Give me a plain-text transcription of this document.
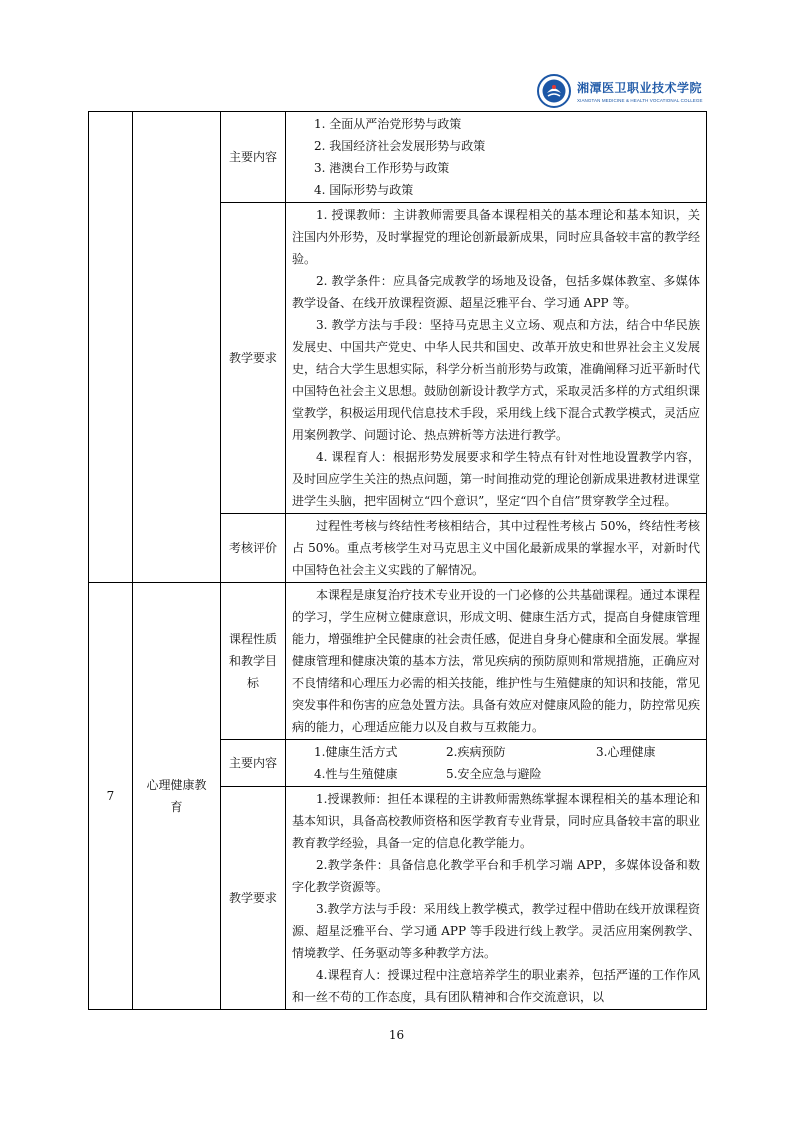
湘潭医卫职业技术学院
XIANGTAN MEDICINE & HEALTH VOCATIONAL COLLEGE

		主要内容	1. 全面从严治党形势与政策

2. 我国经济社会发展形势与政策

3. 港澳台工作形势与政策

4. 国际形势与政策

		教学要求	1. 授课教师：主讲教师需要具备本课程相关的基本理论和基本知识，关注国内外形势，及时掌握党的理论创新最新成果，同时应具备较丰富的教学经验。

2. 教学条件：应具备完成教学的场地及设备，包括多媒体教室、多媒体教学设备、在线开放课程资源、超星泛雅平台、学习通 APP 等。

3. 教学方法与手段：坚持马克思主义立场、观点和方法，结合中华民族发展史、中国共产党史、中华人民共和国史、改革开放史和世界社会主义发展史，结合大学生思想实际，科学分析当前形势与政策，准确阐释习近平新时代中国特色社会主义思想。鼓励创新设计教学方式，采取灵活多样的方式组织课堂教学，积极运用现代信息技术手段，采用线上线下混合式教学模式，灵活应用案例教学、问题讨论、热点辨析等方法进行教学。

4. 课程育人：根据形势发展要求和学生特点有针对性地设置教学内容，及时回应学生关注的热点问题，第一时间推动党的理论创新成果进教材进课堂进学生头脑，把牢固树立“四个意识”，坚定“四个自信”贯穿教学全过程。

		考核评价	过程性考核与终结性考核相结合，其中过程性考核占 50%，终结性考核占 50%。重点考核学生对马克思主义中国化最新成果的掌握水平，对新时代中国特色社会主义实践的了解情况。

7	心理健康教育	课程性质和教学目标	本课程是康复治疗技术专业开设的一门必修的公共基础课程。通过本课程的学习，学生应树立健康意识，形成文明、健康生活方式，提高自身健康管理能力，增强维护全民健康的社会责任感，促进自身身心健康和全面发展。掌握健康管理和健康决策的基本方法，常见疾病的预防原则和常规措施，正确应对不良情绪和心理压力必需的相关技能，维护性与生殖健康的知识和技能，常见突发事件和伤害的应急处置方法。具备有效应对健康风险的能力，防控常见疾病的能力，心理适应能力以及自救与互救能力。

		主要内容	1.健康生活方式 2.疾病预防 3.心理健康
4.性与生殖健康 5.安全应急与避险

		教学要求	1.授课教师：担任本课程的主讲教师需熟练掌握本课程相关的基本理论和基本知识，具备高校教师资格和医学教育专业背景，同时应具备较丰富的职业教育教学经验，具备一定的信息化教学能力。

2.教学条件：具备信息化教学平台和手机学习端 APP，多媒体设备和数字化教学资源等。

3.教学方法与手段：采用线上教学模式，教学过程中借助在线开放课程资源、超星泛雅平台、学习通 APP 等手段进行线上教学。灵活应用案例教学、情境教学、任务驱动等多种教学方法。

4.课程育人：授课过程中注意培养学生的职业素养，包括严谨的工作作风和一丝不苟的工作态度，具有团队精神和合作交流意识，以

16
